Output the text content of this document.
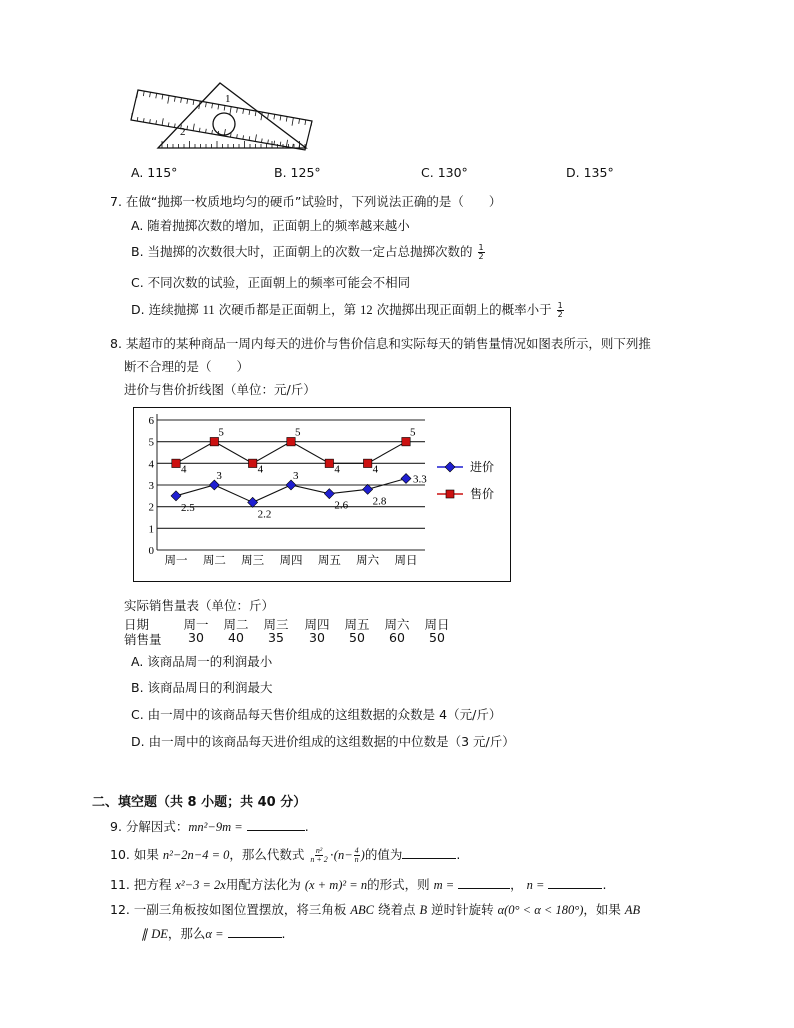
1
2
A. 115°	B. 125°	C. 130°	D. 135°
7. 在做“抛掷一枚质地均匀的硬币”试验时，下列说法正确的是（　　）
A. 随着抛掷次数的增加，正面朝上的频率越来越小
B. 当抛掷的次数很大时，正面朝上的次数一定占总抛掷次数的 $\frac{1}{2}$
C. 不同次数的试验，正面朝上的频率可能会不相同
D. 连续抛掷 11 次硬币都是正面朝上，第 12 次抛掷出现正面朝上的概率小于 $\frac{1}{2}$
8. 某超市的某种商品一周内每天的进价与售价信息和实际每天的销售量情况如图表所示，则下列推
断不合理的是（　　）
进价与售价折线图（单位：元/斤）
0
1
2
3
4
5
6
周一 周二 周三 周四 周五 周六 周日
2.5
3
2.2
3
2.6 2.8
3.3
4
5
4
5
4	4
5
进价
售价
实际销售量表（单位：斤）
日期	周一	周二	周三	周四	周五	周六	周日
销售量	30	40	35	30	50	60	50
A. 该商品周一的利润最小
B. 该商品周日的利润最大
C. 由一周中的该商品每天售价组成的这组数据的众数是 4（元/斤）
D. 由一周中的该商品每天进价组成的这组数据的中位数是（3 元/斤）
二、填空题（共 8 小题；共 40 分）
9. 分解因式：mn²−9m =	.
10. 如果 n²−2n−4 = 0，那么代数式 $\frac{\text{n²}}{n + 2} \cdot(n- \frac{4}{n}$ )的值为	.
11. 把方程 x²−3 = 2x用配方法化为 (x + m)² = n的形式，则 m =	， n =	.
12. 一副三角板按如图位置摆放，将三角板 ABC 绕着点 B 逆时针旋转 α(0° < α < 180°)，如果 AB
∥ DE，那么α =	.
